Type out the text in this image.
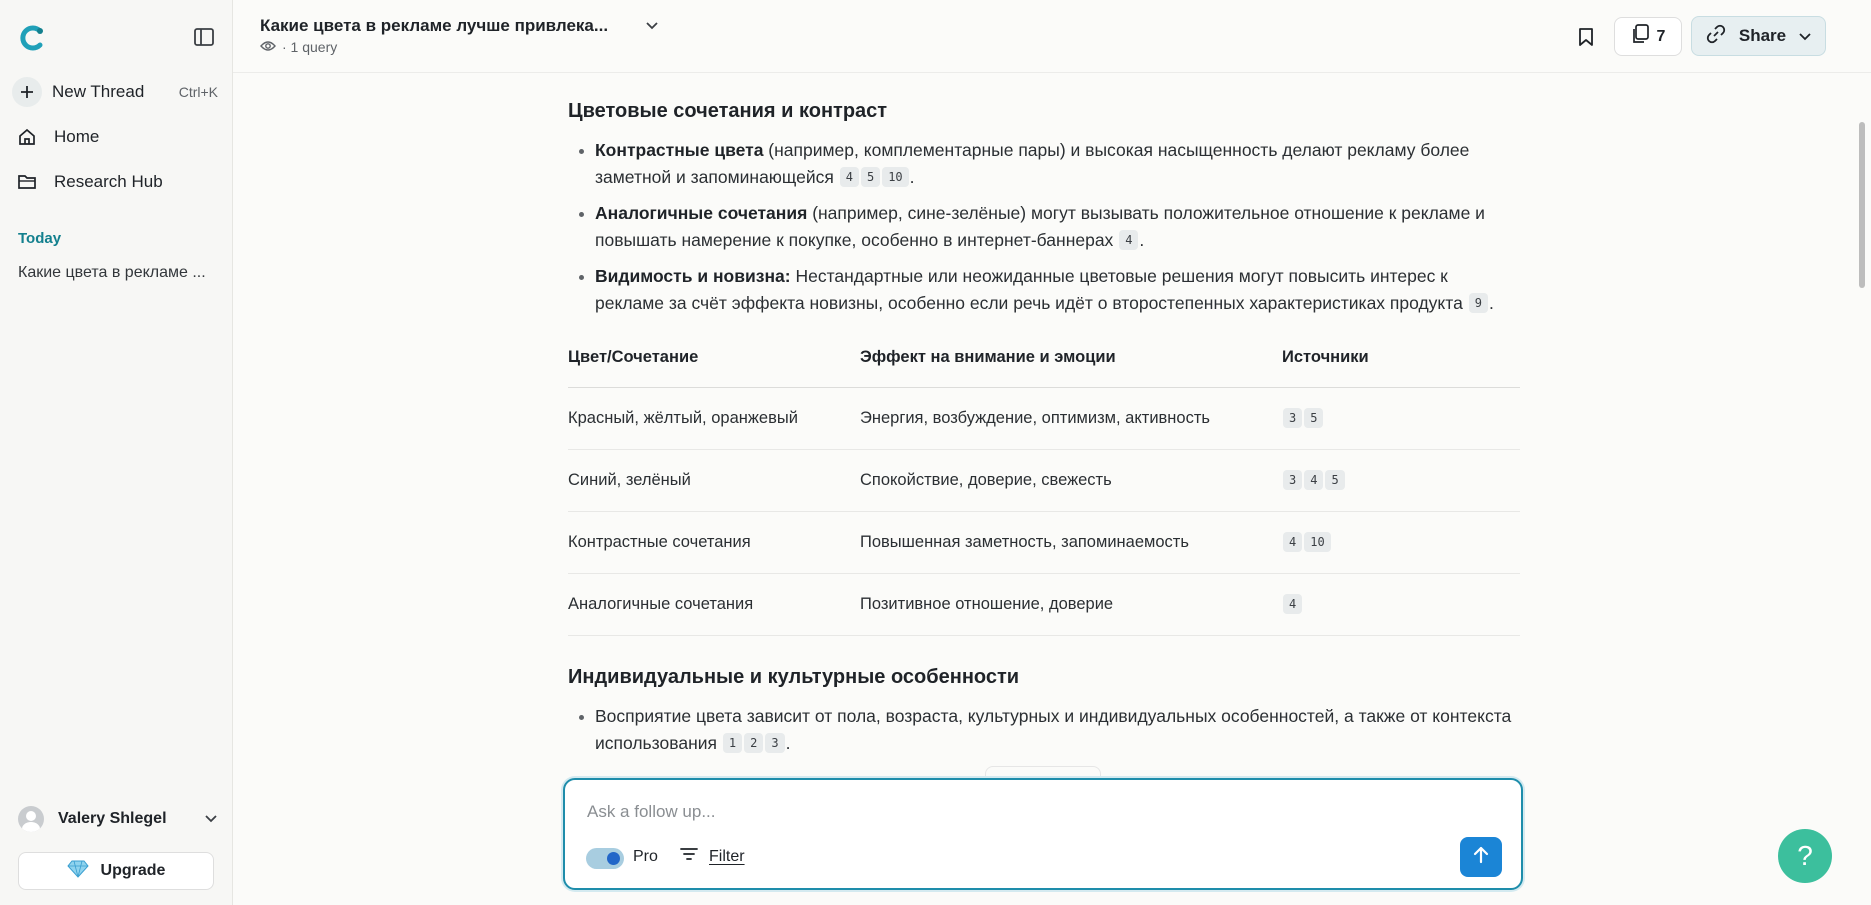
New Thread Ctrl+K
Home
Research Hub
Today
Какие цвета в рекламе ...
Valery Shlegel
Upgrade
Какие цвета в рекламе лучше привлека...
· 1 query
7	Share
Цветовые сочетания и контраст
Контрастные цвета (например, комплементарные пары) и высокая насыщенность делают рекламу более заметной и запоминающейся 4 5 10 .
Аналогичные сочетания (например, сине-зелёные) могут вызывать положительное отношение к рекламе и повышать намерение к покупке, особенно в интернет-баннерах 4 .
Видимость и новизна: Нестандартные или неожиданные цветовые решения могут повысить интерес к рекламе за счёт эффекта новизны, особенно если речь идёт о второстепенных характеристиках продукта 9 .
Цвет/Сочетание	Эффект на внимание и эмоции	Источники
Красный, жёлтый, оранжевый	Энергия, возбуждение, оптимизм, активность	3 5
Синий, зелёный	Спокойствие, доверие, свежесть	3 4 5
Контрастные сочетания	Повышенная заметность, запоминаемость	4 10
Аналогичные сочетания	Позитивное отношение, доверие	4
Индивидуальные и культурные особенности
Восприятие цвета зависит от пола, возраста, культурных и индивидуальных особенностей, а также от контекста использования 1 2 3 .
Ask a follow up...
Pro	Filter	?
